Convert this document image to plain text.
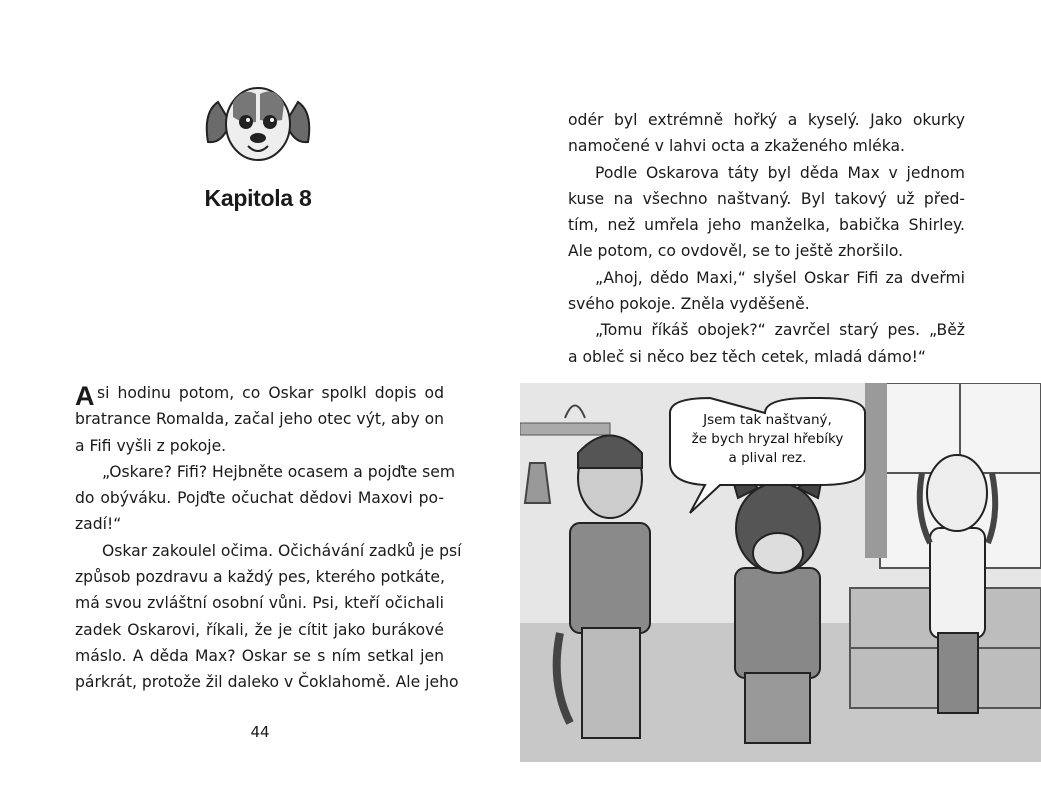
Kapitola 8
A si hodinu potom, co Oskar spolkl dopis od
bratrance Romalda, začal jeho otec výt, aby on
a Fifi vyšli z pokoje.
„Oskare? Fifi? Hejbněte ocasem a pojďte sem
do obýváku. Pojďte očuchat dědovi Maxovi po-
zadí!“
Oskar zakoulel očima. Očichávání zadků je psí
způsob pozdravu a každý pes, kterého potkáte,
má svou zvláštní osobní vůni. Psi, kteří očichali
zadek Oskarovi, říkali, že je cítit jako burákové
máslo. A děda Max? Oskar se s ním setkal jen
párkrát, protože žil daleko v Čoklahomě. Ale jeho
44
odér byl extrémně hořký a kyselý. Jako okurky
namočené v lahvi octa a zkaženého mléka.
Podle Oskarova táty byl děda Max v jednom
kuse na všechno naštvaný. Byl takový už před-
tím, než umřela jeho manželka, babička Shirley.
Ale potom, co ovdověl, se to ještě zhoršilo.
„Ahoj, dědo Maxi,“ slyšel Oskar Fifi za dveřmi
svého pokoje. Zněla vyděšeně.
„Tomu říkáš obojek?“ zavrčel starý pes. „Běž
a obleč si něco bez těch cetek, mladá dámo!“
Jsem tak naštvaný,
že bych hryzal hřebíky
a plival rez.
